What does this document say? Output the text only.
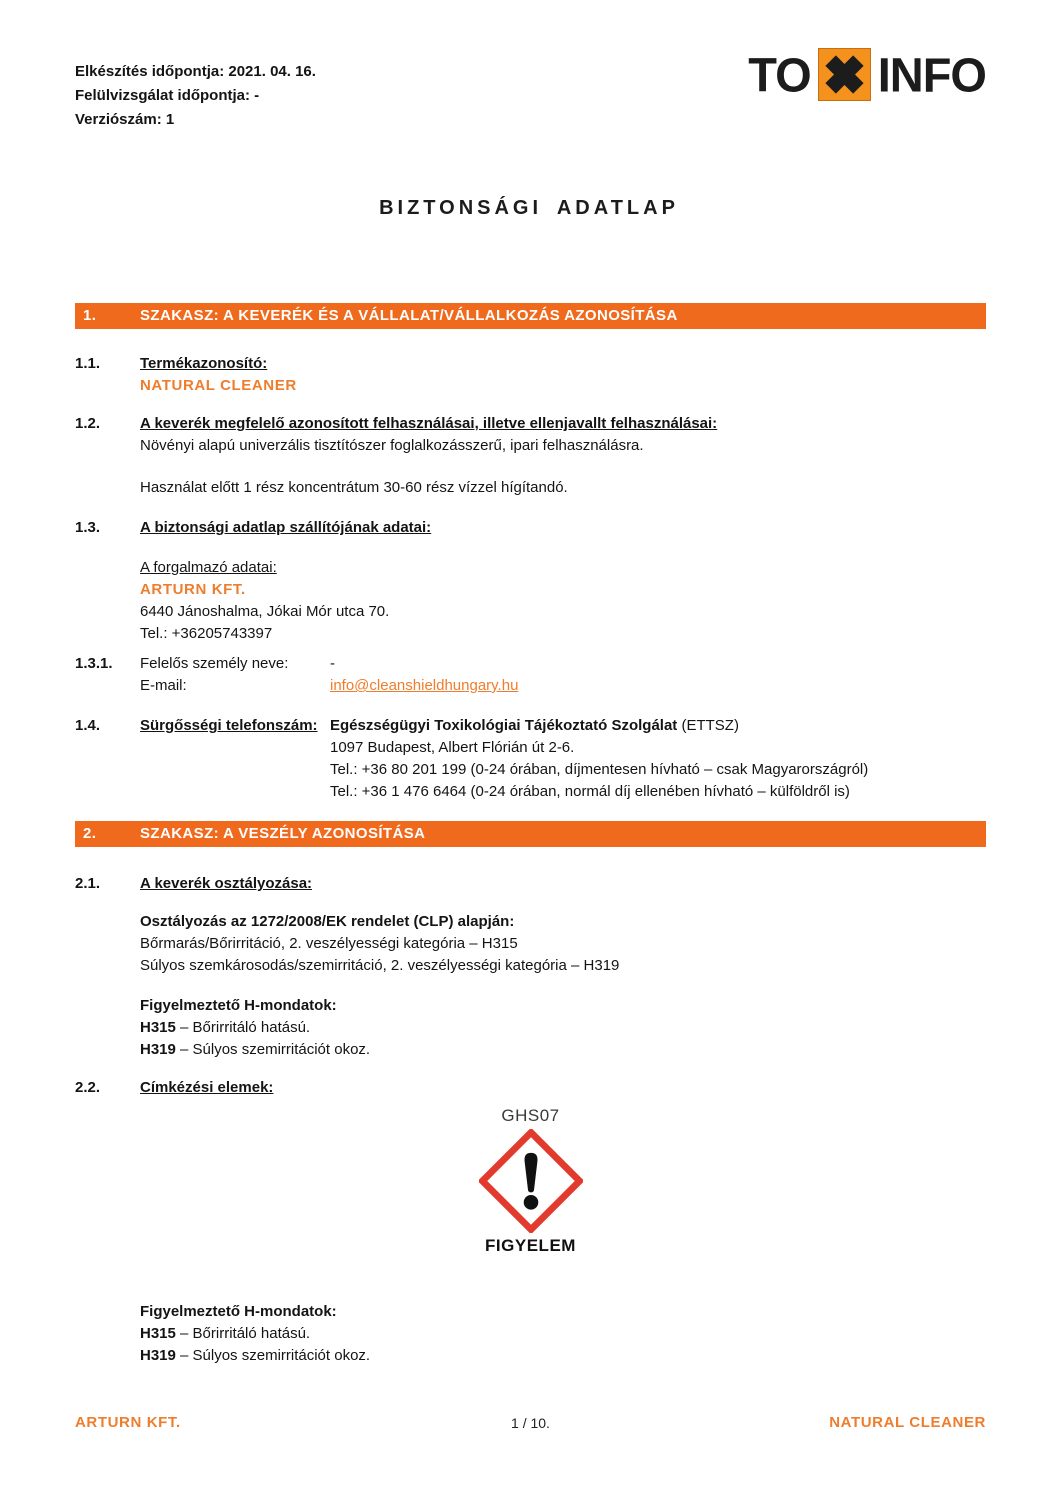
Elkészítés időpontja: 2021. 04. 16.
Felülvizsgálat időpontja: -
Verziószám: 1
TO INFO
BIZTONSÁGI ADATLAP
1.	SZAKASZ: A KEVERÉK ÉS A VÁLLALAT/VÁLLALKOZÁS AZONOSÍTÁSA
1.1.	Termékazonosító:
NATURAL CLEANER
1.2.	A keverék megfelelő azonosított felhasználásai, illetve ellenjavallt felhasználásai:
Növényi alapú univerzális tisztítószer foglalkozásszerű, ipari felhasználásra.
Használat előtt 1 rész koncentrátum 30-60 rész vízzel hígítandó.
1.3.	A biztonsági adatlap szállítójának adatai:
A forgalmazó adatai:
ARTURN KFT.
6440 Jánoshalma, Jókai Mór utca 70.
Tel.: +36205743397
1.3.1.	Felelős személy neve:	-
E-mail:	info@cleanshieldhungary.hu
1.4.	Sürgősségi telefonszám: Egészségügyi Toxikológiai Tájékoztató Szolgálat (ETTSZ)
1097 Budapest, Albert Flórián út 2-6.
Tel.: +36 80 201 199 (0-24 órában, díjmentesen hívható – csak Magyarországról)
Tel.: +36 1 476 6464 (0-24 órában, normál díj ellenében hívható – külföldről is)
2.	SZAKASZ: A VESZÉLY AZONOSÍTÁSA
2.1.	A keverék osztályozása:
Osztályozás az 1272/2008/EK rendelet (CLP) alapján:
Bőrmarás/Bőrirritáció, 2. veszélyességi kategória – H315
Súlyos szemkárosodás/szemirritáció, 2. veszélyességi kategória – H319
Figyelmeztető H-mondatok:
H315 – Bőrirritáló hatású.
H319 – Súlyos szemirritációt okoz.
2.2.	Címkézési elemek:
GHS07
FIGYELEM
Figyelmeztető H-mondatok:
H315 – Bőrirritáló hatású.
H319 – Súlyos szemirritációt okoz.
1 / 10.
ARTURN KFT.	NATURAL CLEANER
